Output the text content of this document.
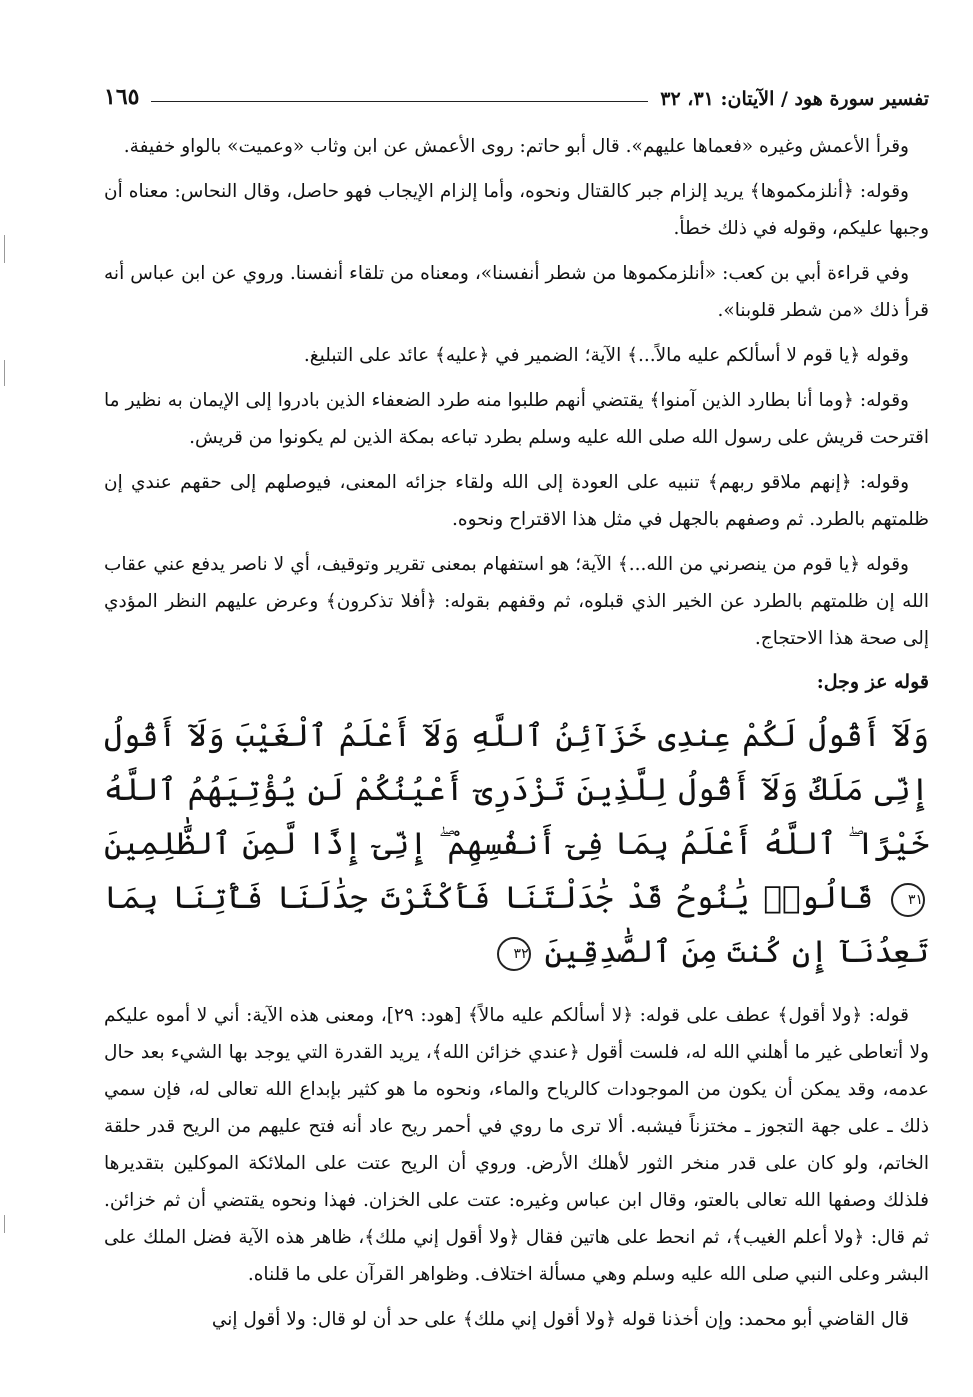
تفسير سورة هود / الآيتان: ٣١، ٣٢
١٦٥

وقرأ الأعمش وغيره «فعماها عليهم». قال أبو حاتم: روى الأعمش عن ابن وثاب «وعميت» بالواو خفيفة.

وقوله: ﴿أنلزمكموها﴾ يريد إلزام جبر كالقتال ونحوه، وأما إلزام الإيجاب فهو حاصل، وقال النحاس: معناه أن وجبها عليكم، وقوله في ذلك خطأ.

وفي قراءة أبي بن كعب: «أنلزمكموها من شطر أنفسنا»، ومعناه من تلقاء أنفسنا. وروي عن ابن عباس أنه قرأ ذلك «من شطر قلوبنا».

وقوله ﴿يا قوم لا أسألكم عليه مالاً...﴾ الآية؛ الضمير في ﴿عليه﴾ عائد على التبليغ.

وقوله: ﴿وما أنا بطارد الذين آمنوا﴾ يقتضي أنهم طلبوا منه طرد الضعفاء الذين بادروا إلى الإيمان به نظير ما اقترحت قريش على رسول الله صلى الله عليه وسلم بطرد تباعه بمكة الذين لم يكونوا من قريش.

وقوله: ﴿إنهم ملاقو ربهم﴾ تنبيه على العودة إلى الله ولقاء جزائه المعنى، فيوصلهم إلى حقهم عندي إن ظلمتهم بالطرد. ثم وصفهم بالجهل في مثل هذا الاقتراح ونحوه.

وقوله ﴿يا قوم من ينصرني من الله...﴾ الآية؛ هو استفهام بمعنى تقرير وتوقيف، أي لا ناصر يدفع عني عقاب الله إن ظلمتهم بالطرد عن الخير الذي قبلوه، ثم وقفهم بقوله: ﴿أفلا تذكرون﴾ وعرض عليهم النظر المؤدي إلى صحة هذا الاحتجاج.

قوله عز وجل:
وَلَآ أَقُولُ لَكُمْ عِندِى خَزَآئِنُ ٱللَّهِ وَلَآ أَعْلَمُ ٱلْغَيْبَ وَلَآ أَقُولُ إِنِّى مَلَكٌ وَلَآ أَقُولُ لِلَّذِينَ تَزْدَرِىٓ أَعْيُنُكُمْ لَن يُؤْتِيَهُمُ ٱللَّهُ خَيْرًا ۖ ٱللَّهُ أَعْلَمُ بِمَا فِىٓ أَنفُسِهِمْ ۖ إِنِّىٓ إِذًا لَّمِنَ ٱلظَّٰلِمِينَ ٣١ قَالُوا۟ يَٰنُوحُ قَدْ جَٰدَلْتَنَا فَأَكْثَرْتَ جِدَٰلَنَا فَأْتِنَا بِمَا تَعِدُنَآ إِن كُنتَ مِنَ ٱلصَّٰدِقِينَ ٣٢

قوله: ﴿ولا أقول﴾ عطف على قوله: ﴿لا أسألكم عليه مالاً﴾ [هود: ٢٩]، ومعنى هذه الآية: أني لا أموه عليكم ولا أتعاطى غير ما أهلني الله له، فلست أقول ﴿عندي خزائن الله﴾، يريد القدرة التي يوجد بها الشيء بعد حال عدمه، وقد يمكن أن يكون من الموجودات كالرياح والماء، ونحوه ما هو كثير بإبداع الله تعالى له، فإن سمي ذلك ـ على جهة التجوز ـ مختزناً فيشبه. ألا ترى ما روي في أحمر ريح عاد أنه فتح عليهم من الريح قدر حلقة الخاتم، ولو كان على قدر منخر الثور لأهلك الأرض. وروي أن الريح عتت على الملائكة الموكلين بتقديرها فلذلك وصفها الله تعالى بالعتو، وقال ابن عباس وغيره: عتت على الخزان. فهذا ونحوه يقتضي أن ثم خزائن. ثم قال: ﴿ولا أعلم الغيب﴾، ثم انحط على هاتين فقال ﴿ولا أقول إني ملك﴾، ظاهر هذه الآية فضل الملك على البشر وعلى النبي صلى الله عليه وسلم وهي مسألة اختلاف. وظواهر القرآن على ما قلناه.

قال القاضي أبو محمد: وإن أخذنا قوله ﴿ولا أقول إني ملك﴾ على حد أن لو قال: ولا أقول إني
